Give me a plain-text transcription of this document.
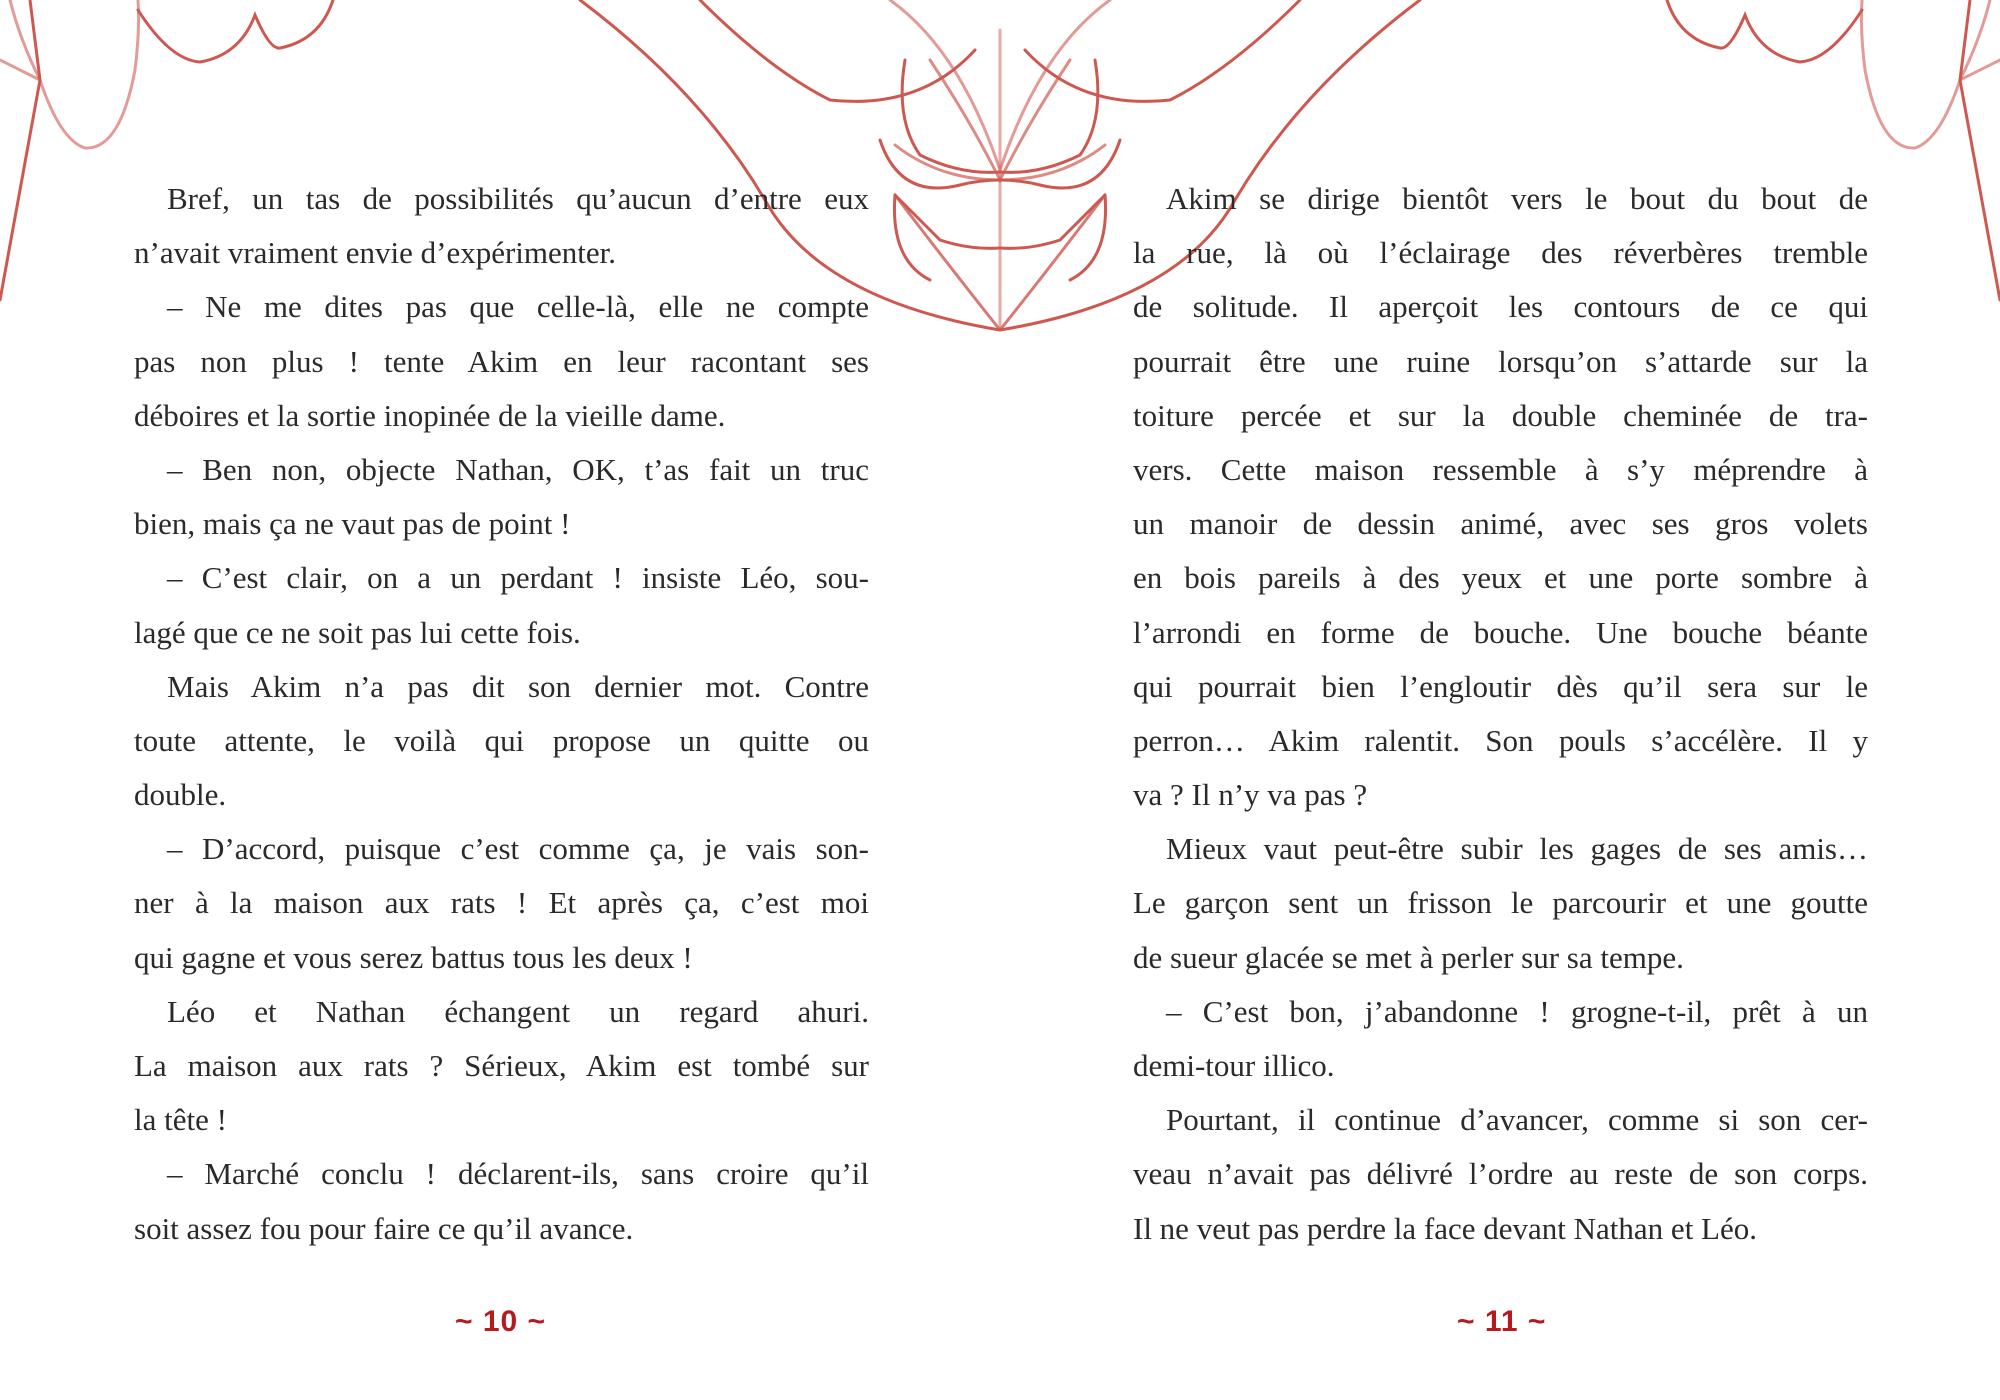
Bref, un tas de possibilités qu’aucun d’entre eux
n’avait vraiment envie d’expérimenter.
– Ne me dites pas que celle-là, elle ne compte
pas non plus ! tente Akim en leur racontant ses
déboires et la sortie inopinée de la vieille dame.
– Ben non, objecte Nathan, OK, t’as fait un truc
bien, mais ça ne vaut pas de point !
– C’est clair, on a un perdant ! insiste Léo, sou-
lagé que ce ne soit pas lui cette fois.
Mais Akim n’a pas dit son dernier mot. Contre
toute attente, le voilà qui propose un quitte ou
double.
– D’accord, puisque c’est comme ça, je vais son-
ner à la maison aux rats ! Et après ça, c’est moi
qui gagne et vous serez battus tous les deux !
Léo et Nathan échangent un regard ahuri.
La maison aux rats ? Sérieux, Akim est tombé sur
la tête !
– Marché conclu ! déclarent-ils, sans croire qu’il
soit assez fou pour faire ce qu’il avance.
Akim se dirige bientôt vers le bout du bout de
la rue, là où l’éclairage des réverbères tremble
de solitude. Il aperçoit les contours de ce qui
pourrait être une ruine lorsqu’on s’attarde sur la
toiture percée et sur la double cheminée de tra-
vers. Cette maison ressemble à s’y méprendre à
un manoir de dessin animé, avec ses gros volets
en bois pareils à des yeux et une porte sombre à
l’arrondi en forme de bouche. Une bouche béante
qui pourrait bien l’engloutir dès qu’il sera sur le
perron… Akim ralentit. Son pouls s’accélère. Il y
va ? Il n’y va pas ?
Mieux vaut peut-être subir les gages de ses amis…
Le garçon sent un frisson le parcourir et une goutte
de sueur glacée se met à perler sur sa tempe.
– C’est bon, j’abandonne ! grogne-t-il, prêt à un
demi-tour illico.
Pourtant, il continue d’avancer, comme si son cer-
veau n’avait pas délivré l’ordre au reste de son corps.
Il ne veut pas perdre la face devant Nathan et Léo.
~ 10 ~	~ 11 ~
